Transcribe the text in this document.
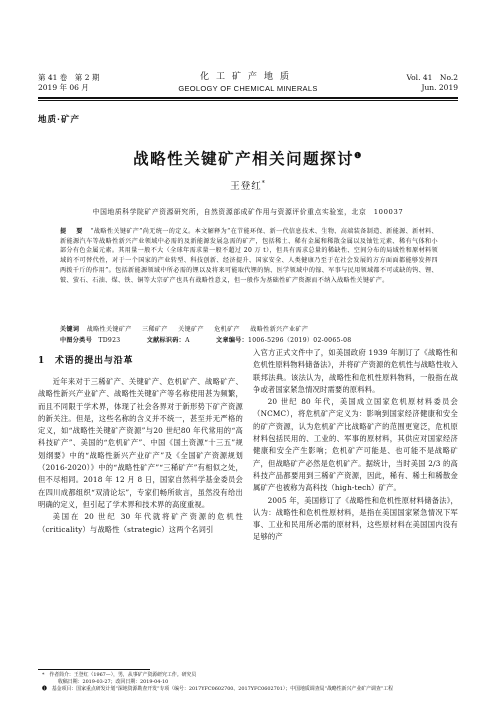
第 41 卷　第 2 期
2019 年 06 月
化工矿产地质
GEOLOGY OF CHEMICAL MINERALS
Vol. 41　No.2
Jun. 2019
地质·矿产
战略性关键矿产相关问题探讨$^❶$
王登红*
中国地质科学院矿产资源研究所，自然资源部成矿作用与资源评价重点实验室，北京　100037
提　要 “战略性关键矿产”尚无统一的定义。本文解释为“在节能环保、新一代信息技术、生物、高端装备制造、新能源、新材料、新能源汽车等战略性新兴产业领域中必需的及新能源发展急需的矿产，包括稀土、稀有金属和稀散金属以及铀钍元素、稀有气体和小部分有色金属元素。其用量一般不大（全球年需求量一般不超过 20 万 t），但具有需求总量的稀缺性、空间分布的局域性和原材料领域的不可替代性，对于一个国家的产业转型、科技创新、经济提升、国家安全、人类健康乃至于在社会发展的方方面面都能够发挥四两拨千斤的作用”。包括新能源领域中所必需的锂以及将来可能取代锂的钠、医学领域中的镓、军事与民用领域都不可或缺的钨、锂、铍、萤石、石油、煤、铁、铜等大宗矿产也具有战略性意义，但一般作为基础性矿产资源而不纳入战略性关键矿产。
关键词 战略性关键矿产 三稀矿产 关键矿产 危机矿产 战略性新兴产业矿产
中图分类号　 TD923	文献标识码：A	文章编号：1006-5296（2019）02-0065-08
1　术语的提出与沿革

近年来对于三稀矿产、关键矿产、危机矿产、战略矿产、战略性新兴产业矿产、战略性关键矿产等名称使用甚为频繁，而且不同限于学术界，体现了社会各界对于新形势下矿产资源的新关注。但是，这些名称的含义并不统一，甚至并无严格的定义，如“战略性关键矿产资源”与20 世纪80 年代常用的“高科技矿产”、美国的“危机矿产”、中国《国土资源“十三五”规划纲要》中的“战略性新兴产业矿产”及《全国矿产资源规划（2016-2020）》中的“战略性矿产”“三稀矿产”有相似之处，但不尽相同。2018 年 12 月 8 日，国家自然科学基金委员会在四川成都组织“双清论坛”，专家们畅所欲言，虽然没有给出明确的定义，但引起了学术界和技术界的高度重视。

美国在 20 世纪 30 年代就将矿产资源的危机性（criticality）与战略性（strategic）这两个名词引

入官方正式文件中了，如美国政府 1939 年制订了《战略性和危机性原料物料储备法》，并将矿产资源的危机性与战略性收入联邦法典。该法认为，战略性和危机性原料物料，一般指在战争或者国家紧急情况时需要的原料料。

20 世纪 80 年代，美国成立国家危机原材料委员会（NCMC），将危机矿产定义为：影响到国家经济健康和安全的矿产资源，认为危机矿产比战略矿产的范围更宽泛，危机原材料包括民用的、工业的、军事的原材料，其供应对国家经济健康和安全产生影响；危机矿产可能是、也可能不是战略矿产，但战略矿产必然是危机矿产。据统计，当时美国 2/3 的高科技产品都要用到三稀矿产资源，因此，稀有、稀土和稀散金属矿产也被称为高科技（high-tech）矿产。

2005 年，美国修订了《战略性和危机性原材料储备法》，认为：战略性和危机性原材料，是指在美国国家紧急情况下军事、工业和民用所必需的原材料，这些原材料在美国国内没有足够的产

*　作者简介：王登红（1967—），男，从事矿产资源研究工作。研究员
收稿日期：2019-03-27；改回日期：2019-04-10
❶　基金项目：国家重点研发计划“深地资源勘查开发”专项（编号：2017YFC0602700、2017YFC0602701）；中国地质调查局“战略性新兴产业矿产调查”工程
